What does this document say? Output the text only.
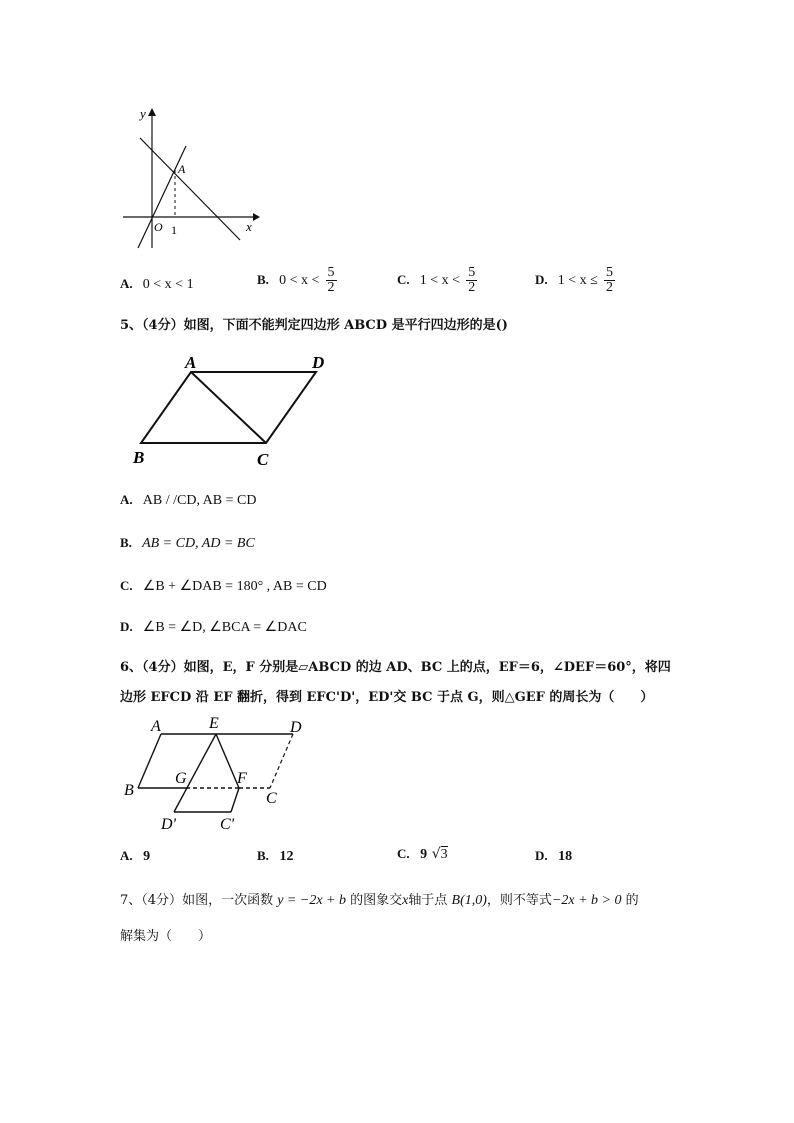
y
x
A
O 1
A. 0 < x < 1	B. $0 < x < \frac{5}{2}$	C. $1 < x < \frac{5}{2}$	D. $1 < x \le \frac{5}{2}$
5、（4分）如图，下面不能判定四边形 ABCD 是平行四边形的是()
A	D
B	C
A. AB / /CD, AB = CD
B. AB = CD, AD = BC
C. ∠B + ∠DAB = 180° , AB = CD
D. ∠B = ∠D, ∠BCA = ∠DAC
6、（4分）如图，E，F 分别是▱ABCD 的边 AD、BC 上的点，EF＝6，∠DEF＝60°，将四
边形 EFCD 沿 EF 翻折，得到 EFC'D'，ED'交 BC 于点 G，则△GEF 的周长为（　　）
A	E	D
B
G	F
C
D'	C'
A. 9	B. 12	C. 9 √3	D. 18
7、（4分）如图，一次函数 y = −2x + b 的图象交x轴于点 B(1,0)，则不等式−2x + b > 0 的
解集为（　　）
